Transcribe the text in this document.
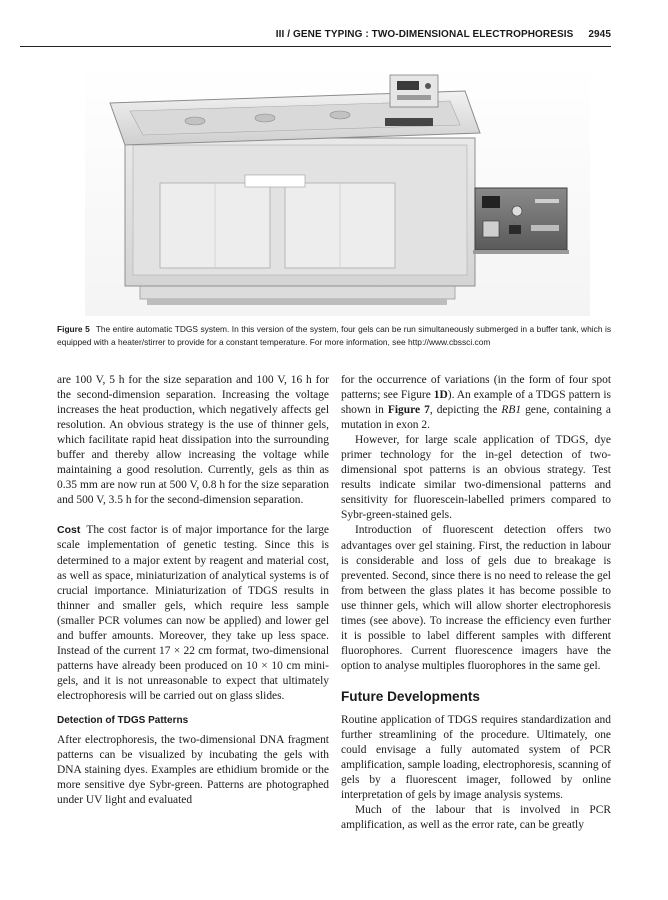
III / GENE TYPING : TWO-DIMENSIONAL ELECTROPHORESIS 2945
Figure 5 The entire automatic TDGS system. In this version of the system, four gels can be run simultaneously submerged in a buffer tank, which is equipped with a heater/stirrer to provide for a constant temperature. For more information, see http://www.cbssci.com

are 100 V, 5 h for the size separation and 100 V, 16 h for the second-dimension separation. Increasing the voltage increases the heat production, which negatively affects gel resolution. An obvious strategy is the use of thinner gels, which facilitate rapid heat dissipation into the surrounding buffer and thereby allow increasing the voltage while maintaining a good resolution. Currently, gels as thin as 0.35 mm are now run at 500 V, 0.8 h for the size separation and 500 V, 3.5 h for the second-dimension separation.

Cost The cost factor is of major importance for the large scale implementation of genetic testing. Since this is determined to a major extent by reagent and material cost, as well as space, miniaturization of analytical systems is of crucial importance. Miniaturization of TDGS results in thinner and smaller gels, which require less sample (smaller PCR volumes can now be applied) and lower gel and buffer amounts. Moreover, they take up less space. Instead of the current 17 × 22 cm format, two-dimensional patterns have already been produced on 10 × 10 cm mini-gels, and it is not unreasonable to expect that ultimately electrophoresis will be carried out on glass slides.

Detection of TDGS Patterns

After electrophoresis, the two-dimensional DNA fragment patterns can be visualized by incubating the gels with DNA staining dyes. Examples are ethidium bromide or the more sensitive dye Sybr-green. Patterns are photographed under UV light and evaluated

for the occurrence of variations (in the form of four spot patterns; see Figure 1D). An example of a TDGS pattern is shown in Figure 7, depicting the RB1 gene, containing a mutation in exon 2.

However, for large scale application of TDGS, dye primer technology for the in-gel detection of two-dimensional spot patterns is an obvious strategy. Test results indicate similar two-dimensional patterns and sensitivity for fluorescein-labelled primers compared to Sybr-green-stained gels.

Introduction of fluorescent detection offers two advantages over gel staining. First, the reduction in labour is considerable and loss of gels due to breakage is prevented. Second, since there is no need to release the gel from between the glass plates it has become possible to use thinner gels, which will allow shorter electrophoresis times (see above). To increase the efficiency even further it is possible to label different samples with different fluorophores. Current fluorescence imagers have the option to analyse multiples fluorophores in the same gel.

Future Developments

Routine application of TDGS requires standardization and further streamlining of the procedure. Ultimately, one could envisage a fully automated system of PCR amplification, sample loading, electrophoresis, scanning of gels by a fluorescent imager, followed by online interpretation of gels by image analysis systems.

Much of the labour that is involved in PCR amplification, as well as the error rate, can be greatly
